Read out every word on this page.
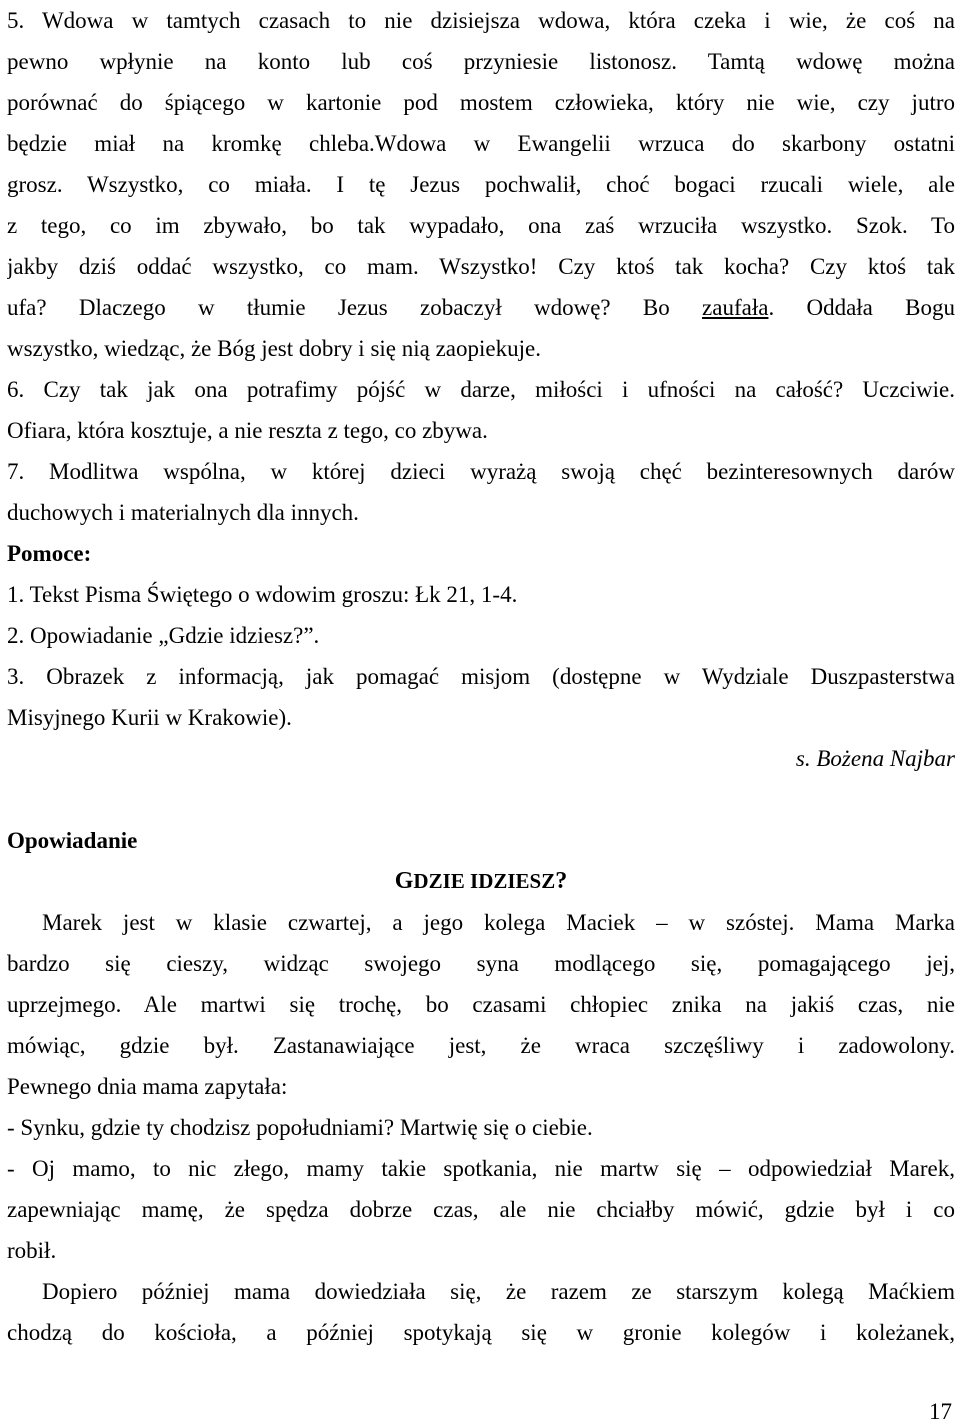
5. Wdowa w tamtych czasach to nie dzisiejsza wdowa, która czeka i wie, że coś na
pewno wpłynie na konto lub coś przyniesie listonosz. Tamtą wdowę można
porównać do śpiącego w kartonie pod mostem człowieka, który nie wie, czy jutro
będzie miał na kromkę chleba.Wdowa w Ewangelii wrzuca do skarbony ostatni
grosz. Wszystko, co miała. I tę Jezus pochwalił, choć bogaci rzucali wiele, ale
z tego, co im zbywało, bo tak wypadało, ona zaś wrzuciła wszystko. Szok. To
jakby dziś oddać wszystko, co mam. Wszystko! Czy ktoś tak kocha? Czy ktoś tak
ufa? Dlaczego w tłumie Jezus zobaczył wdowę? Bo zaufała. Oddała Bogu
wszystko, wiedząc, że Bóg jest dobry i się nią zaopiekuje.
6. Czy tak jak ona potrafimy pójść w darze, miłości i ufności na całość? Uczciwie.
Ofiara, która kosztuje, a nie reszta z tego, co zbywa.
7. Modlitwa wspólna, w której dzieci wyrażą swoją chęć bezinteresownych darów
duchowych i materialnych dla innych.
Pomoce:
1. Tekst Pisma Świętego o wdowim groszu: Łk 21, 1-4.
2. Opowiadanie „Gdzie idziesz?”.
3. Obrazek z informacją, jak pomagać misjom (dostępne w Wydziale Duszpasterstwa
Misyjnego Kurii w Krakowie).
s. Bożena Najbar
Opowiadanie
GDZIE IDZIESZ?
Marek jest w klasie czwartej, a jego kolega Maciek – w szóstej. Mama Marka
bardzo się cieszy, widząc swojego syna modlącego się, pomagającego jej,
uprzejmego. Ale martwi się trochę, bo czasami chłopiec znika na jakiś czas, nie
mówiąc, gdzie był. Zastanawiające jest, że wraca szczęśliwy i zadowolony.
Pewnego dnia mama zapytała:
- Synku, gdzie ty chodzisz popołudniami? Martwię się o ciebie.
- Oj mamo, to nic złego, mamy takie spotkania, nie martw się – odpowiedział Marek,
zapewniając mamę, że spędza dobrze czas, ale nie chciałby mówić, gdzie był i co
robił.
Dopiero później mama dowiedziała się, że razem ze starszym kolegą Maćkiem
chodzą do kościoła, a później spotykają się w gronie kolegów i koleżanek,
17
